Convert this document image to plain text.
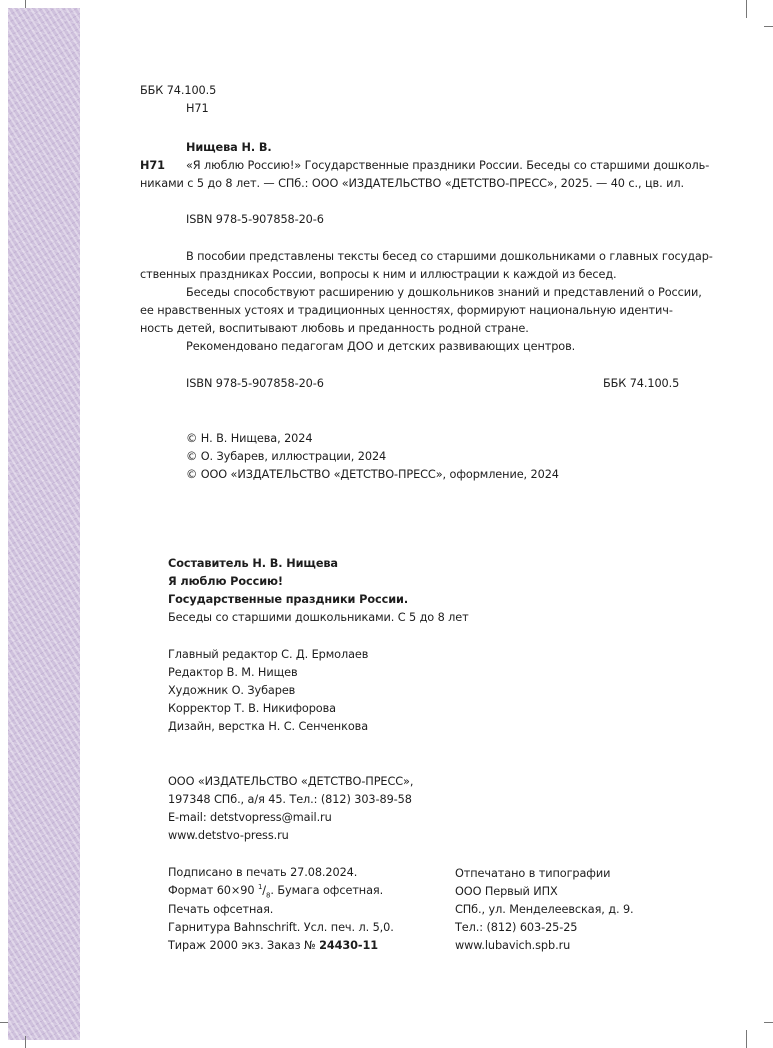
ББК 74.100.5
Н71
Нищева Н. В.
Н71 «Я люблю Россию!» Государственные праздники России. Беседы со старшими дошколь-
никами с 5 до 8 лет. — СПб.: ООО «ИЗДАТЕЛЬСТВО «ДЕТСТВО-ПРЕСС», 2025. — 40 с., цв. ил.
ISBN 978-5-907858-20-6
В пособии представлены тексты бесед со старшими дошкольниками о главных государ-
ственных праздниках России, вопросы к ним и иллюстрации к каждой из бесед.
Беседы способствуют расширению у дошкольников знаний и представлений о России,
ее нравственных устоях и традиционных ценностях, формируют национальную идентич-
ность детей, воспитывают любовь и преданность родной стране.
Рекомендовано педагогам ДОО и детских развивающих центров.
ISBN 978-5-907858-20-6	ББК 74.100.5
© Н. В. Нищева, 2024
© О. Зубарев, иллюстрации, 2024
© ООО «ИЗДАТЕЛЬСТВО «ДЕТСТВО-ПРЕСС», оформление, 2024
Составитель Н. В. Нищева
Я люблю Россию!
Государственные праздники России.
Беседы со старшими дошкольниками. С 5 до 8 лет
Главный редактор С. Д. Ермолаев
Редактор В. М. Нищев
Художник О. Зубарев
Корректор Т. В. Никифорова
Дизайн, верстка Н. С. Сенченкова
ООО «ИЗДАТЕЛЬСТВО «ДЕТСТВО-ПРЕСС»,
197348 СПб., а/я 45. Тел.: (812) 303-89-58
E-mail: detstvopress@mail.ru
www.detstvo-press.ru
Подписано в печать 27.08.2024.
Формат 60×90 $^1/_8$. Бумага офсетная.
Печать офсетная.
Гарнитура Bahnschrift. Усл. печ. л. 5,0.
Тираж 2000 экз. Заказ № 24430-11
Отпечатано в типографии
ООО Первый ИПХ
СПб., ул. Менделеевская, д. 9.
Тел.: (812) 603-25-25
www.lubavich.spb.ru
